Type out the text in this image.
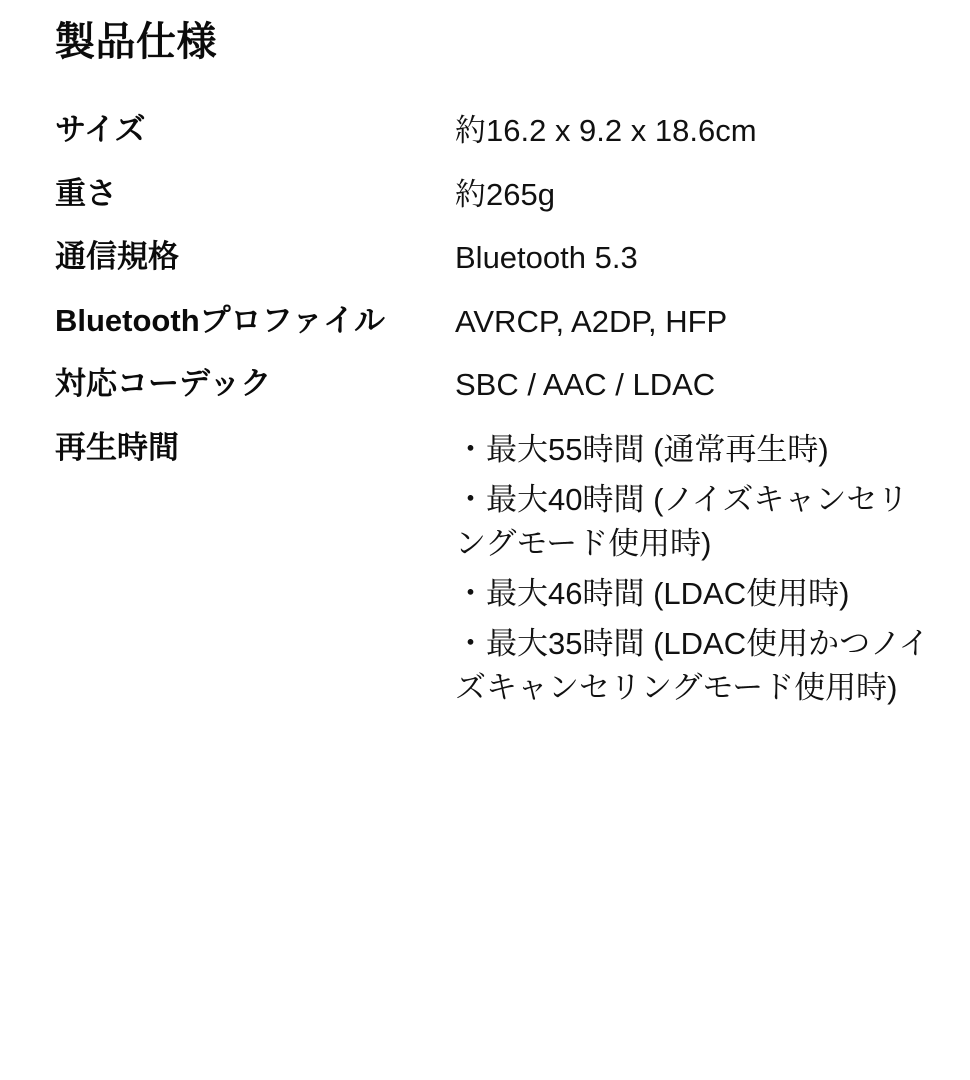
製品仕様
サイズ	約16.2 x 9.2 x 18.6cm
重さ	約265g
通信規格	Bluetooth 5.3
Bluetoothプロファイル	AVRCP, A2DP, HFP
対応コーデック	SBC / AAC / LDAC
再生時間	・最大55時間 (通常再生時)
・最大40時間 (ノイズキャンセリングモード使用時)
・最大46時間 (LDAC使用時)
・最大35時間 (LDAC使用かつノイズキャンセリングモード使用時)
